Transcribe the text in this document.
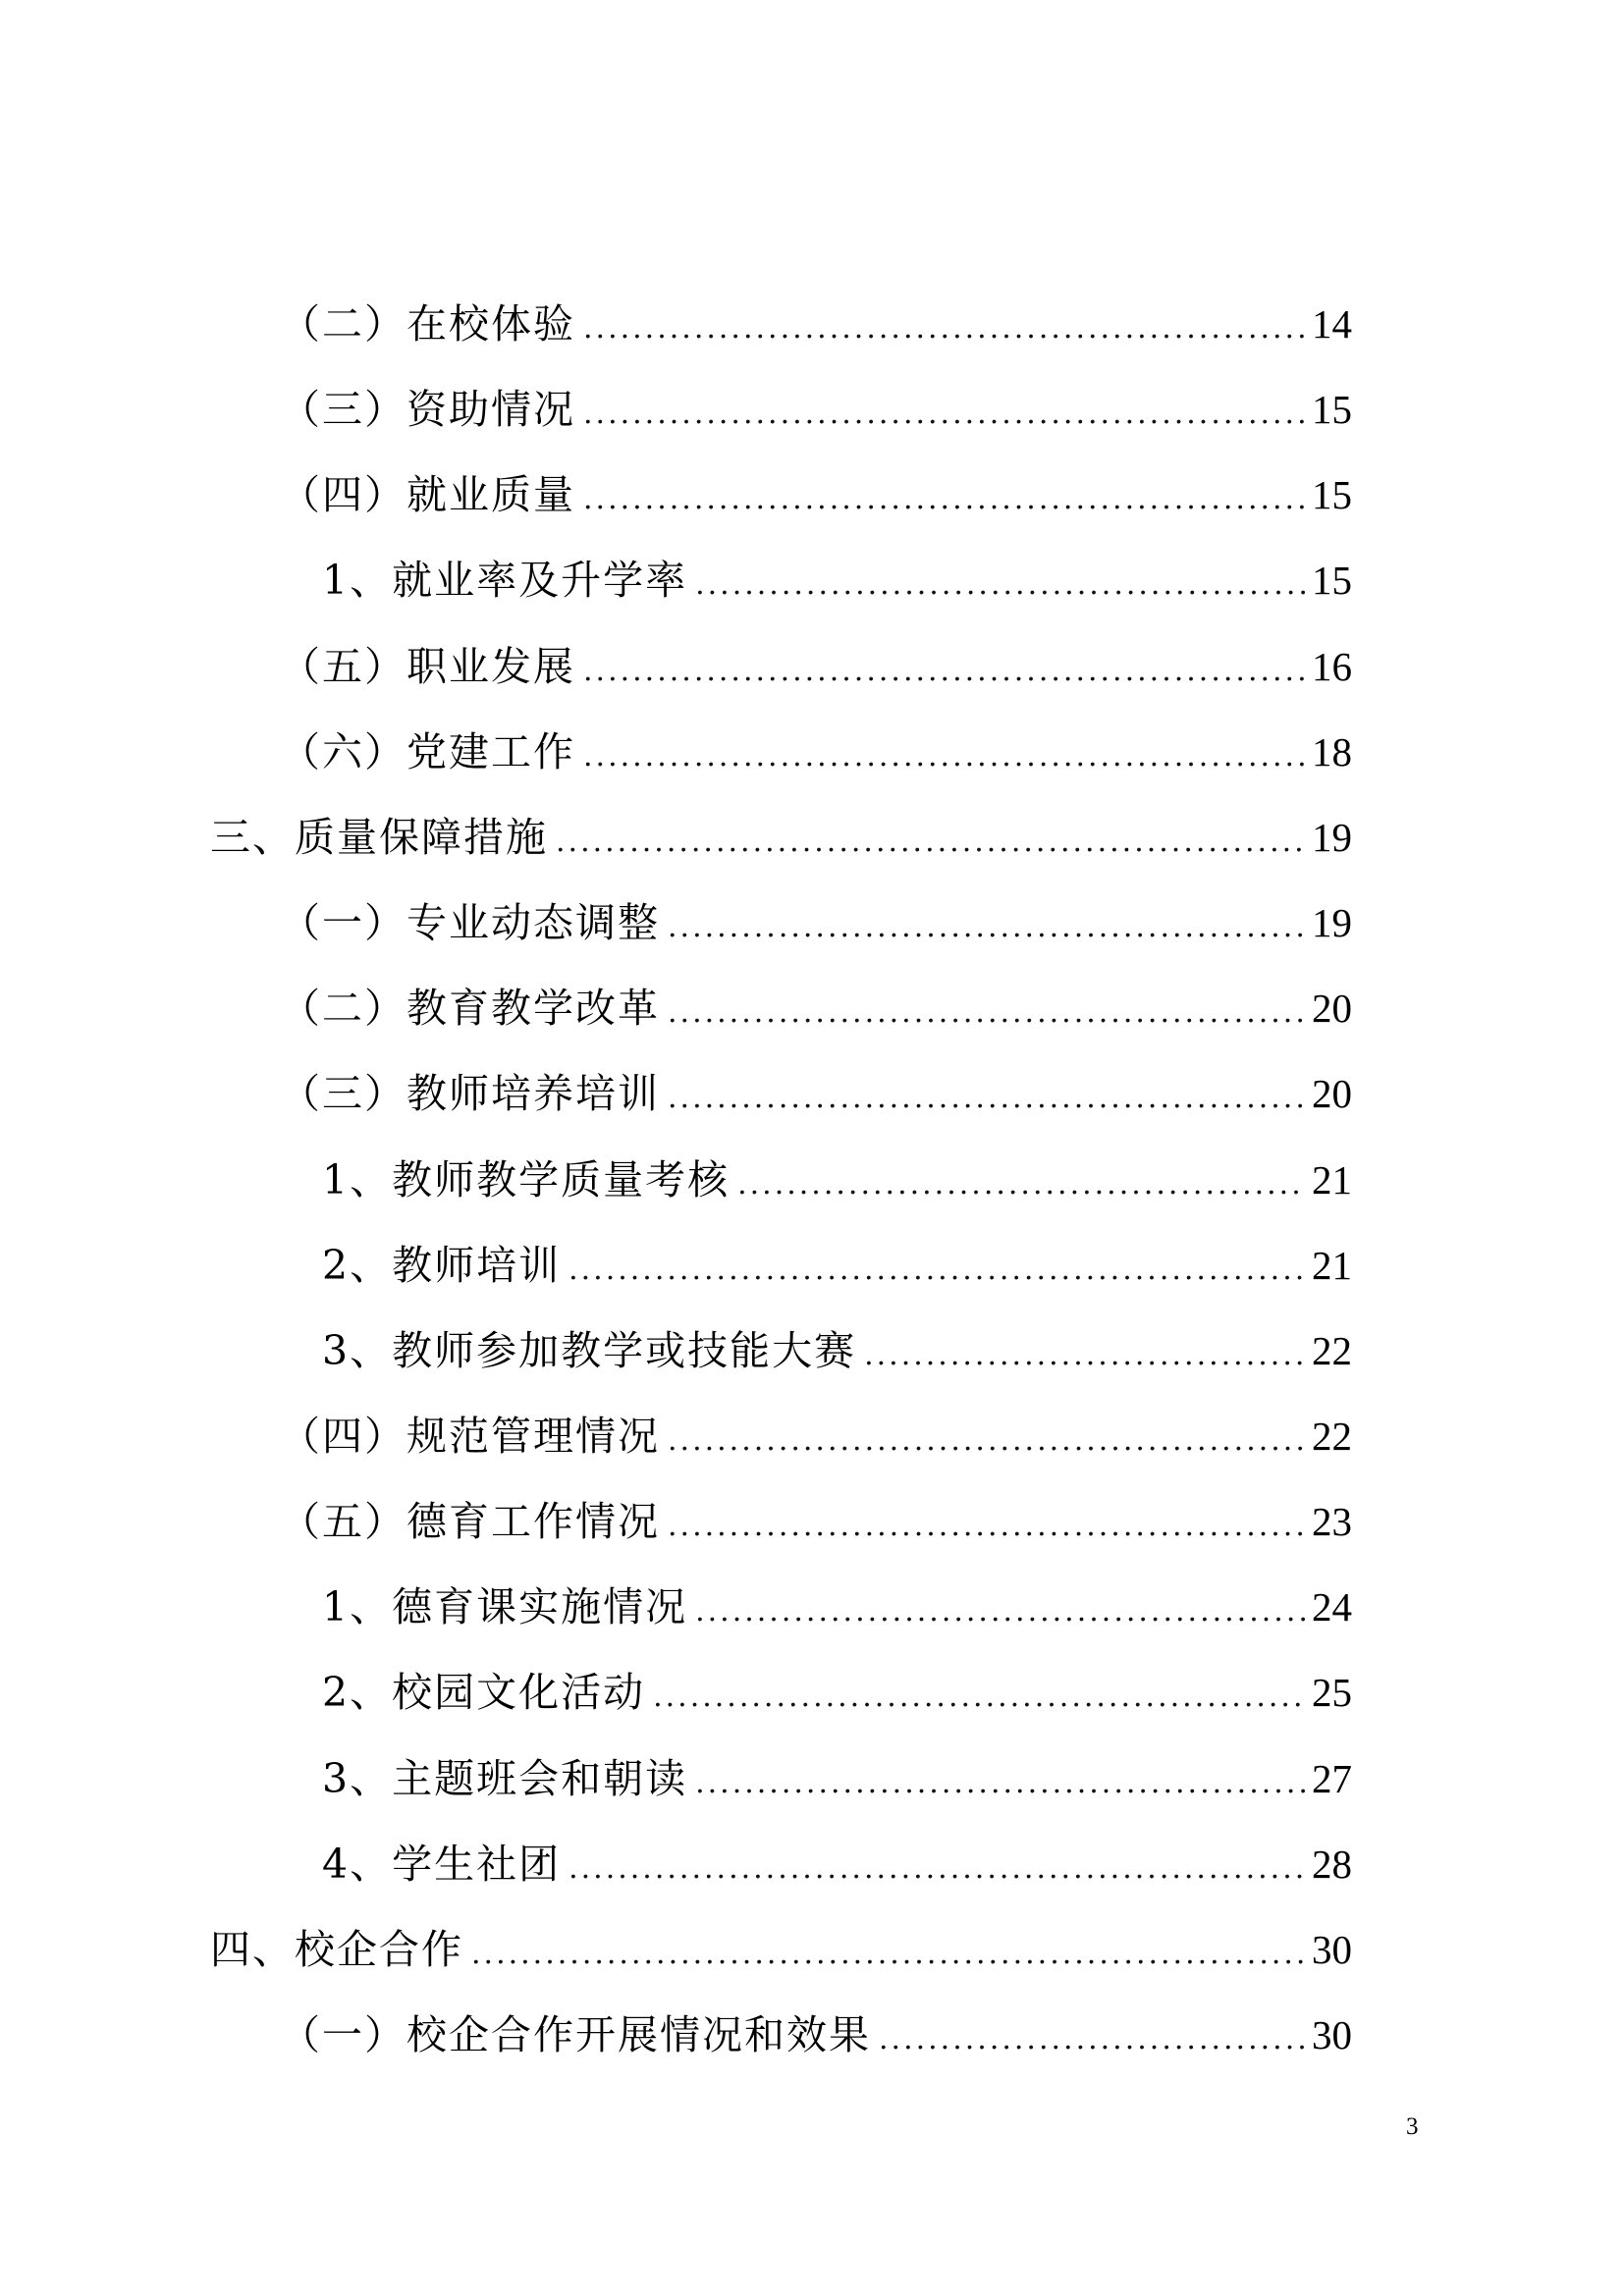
（二）在校体验 .....	14
（三）资助情况 .....	15
（四）就业质量 .....	15
1、就业率及升学率 .....	15
（五）职业发展 .....	16
（六）党建工作 .....	18
三、质量保障措施 .....	19
（一）专业动态调整 .....	19
（二）教育教学改革 .....	20
（三）教师培养培训 .....	20
1、教师教学质量考核 .....	21
2、教师培训 .....	21
3、教师参加教学或技能大赛 .....	22
（四）规范管理情况 .....	22
（五）德育工作情况 .....	23
1、德育课实施情况 .....	24
2、校园文化活动 .....	25
3、主题班会和朝读 .....	27
4、学生社团 .....	28
四、校企合作 .....	30
（一）校企合作开展情况和效果 .....	30
3
